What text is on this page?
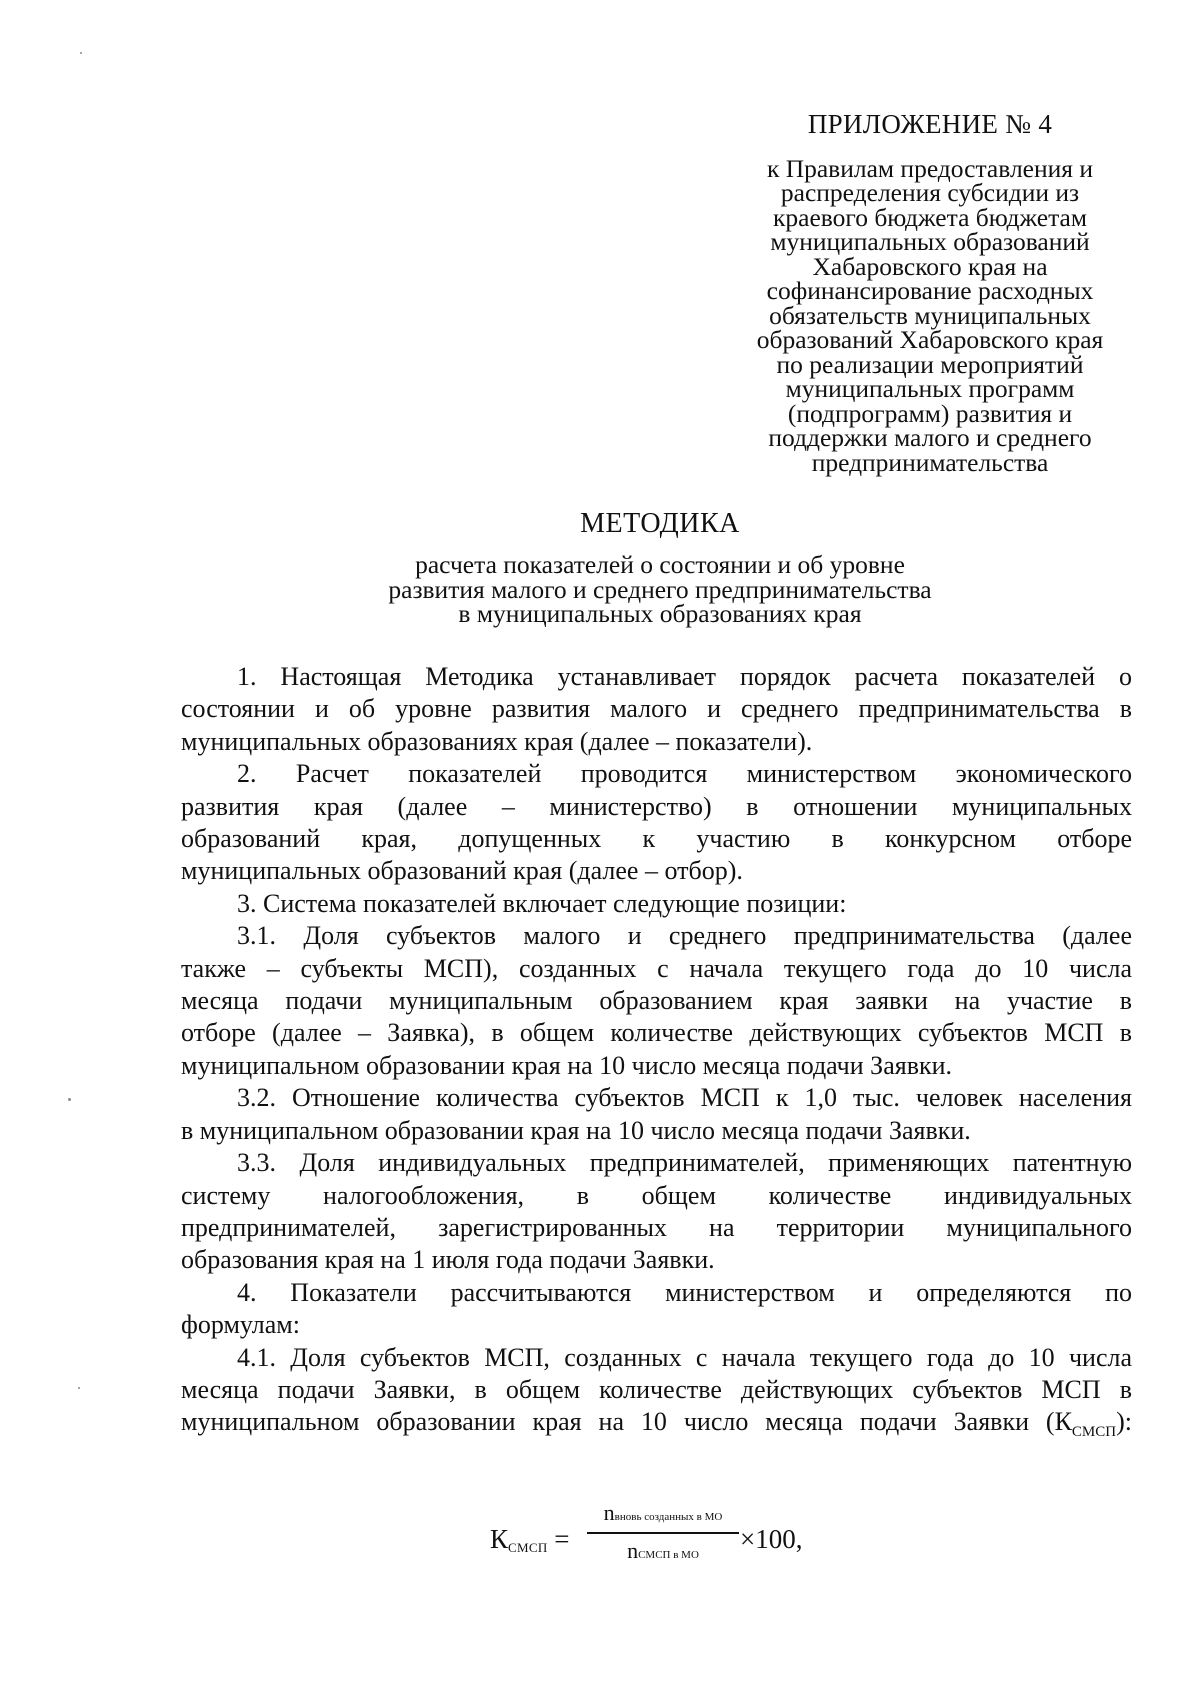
ПРИЛОЖЕНИЕ № 4
к Правилам предоставления и
распределения субсидии из
краевого бюджета бюджетам
муниципальных образований
Хабаровского края на
софинансирование расходных
обязательств муниципальных
образований Хабаровского края
по реализации мероприятий
муниципальных программ
(подпрограмм) развития и
поддержки малого и среднего
предпринимательства
МЕТОДИКА
расчета показателей о состоянии и об уровне
развития малого и среднего предпринимательства
в муниципальных образованиях края
1. Настоящая Методика устанавливает порядок расчета показателей о
состоянии и об уровне развития малого и среднего предпринимательства в
муниципальных образованиях края (далее – показатели).
2. Расчет показателей проводится министерством экономического
развития края (далее – министерство) в отношении муниципальных
образований края, допущенных к участию в конкурсном отборе
муниципальных образований края (далее – отбор).
3. Система показателей включает следующие позиции:
3.1. Доля субъектов малого и среднего предпринимательства (далее
также – субъекты МСП), созданных с начала текущего года до 10 числа
месяца подачи муниципальным образованием края заявки на участие в
отборе (далее – Заявка), в общем количестве действующих субъектов МСП в
муниципальном образовании края на 10 число месяца подачи Заявки.
3.2. Отношение количества субъектов МСП к 1,0 тыс. человек населения
в муниципальном образовании края на 10 число месяца подачи Заявки.
3.3. Доля индивидуальных предпринимателей, применяющих патентную
систему налогообложения, в общем количестве индивидуальных
предпринимателей, зарегистрированных на территории муниципального
образования края на 1 июля года подачи Заявки.
4. Показатели рассчитываются министерством и определяются по
формулам:
4.1. Доля субъектов МСП, созданных с начала текущего года до 10 числа
месяца подачи Заявки, в общем количестве действующих субъектов МСП в
муниципальном образовании края на 10 число месяца подачи Заявки $(К_{СМСП})$:
$К_{СМСП}$ =
nвновь созданных в МО
nСМСП в МО
×100,
